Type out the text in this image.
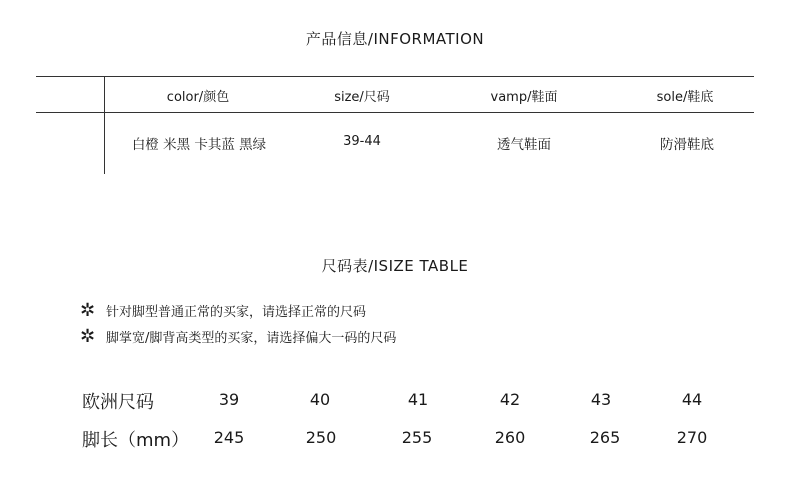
产品信息/INFORMATION
color/颜色	size/尺码	vamp/鞋面	sole/鞋底
白橙 米黑 卡其蓝 黑绿	39-44	透气鞋面	防滑鞋底
尺码表/ISIZE TABLE
✲ 针对脚型普通正常的买家，请选择正常的尺码
✲ 脚掌宽/脚背高类型的买家，请选择偏大一码的尺码
欧洲尺码	39	40	41	42	43	44
脚长（mm） 245	250	255	260	265	270
